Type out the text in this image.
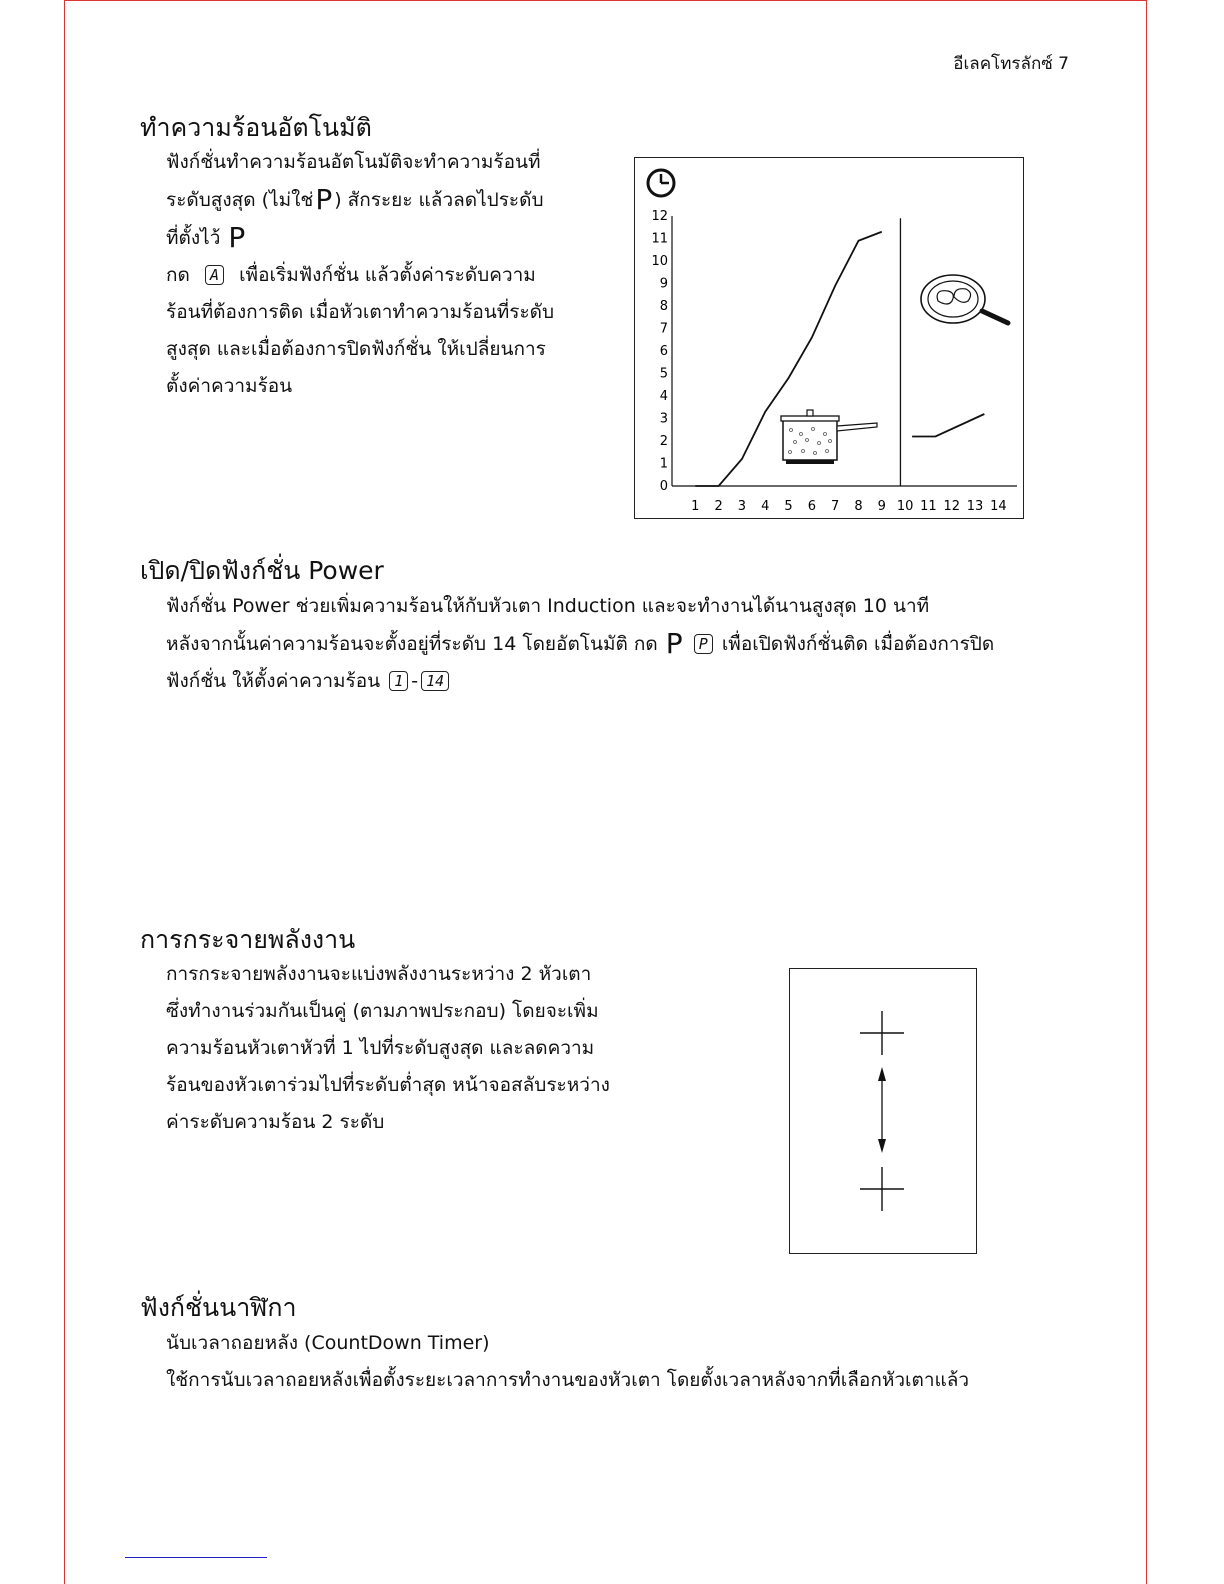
อีเลคโทรลักซ์ 7
ทำความร้อนอัตโนมัติ

ฟังก์ชั่นทำความร้อนอัตโนมัติจะทำความร้อนที่

ระดับสูงสุด (ไม่ใช่P ) สักระยะ แล้วลดไประดับ

ที่ตั้งไว้ P

กด A เพื่อเริ่มฟังก์ชั่น แล้วตั้งค่าระดับความ

ร้อนที่ต้องการติด เมื่อหัวเตาทำความร้อนที่ระดับ

สูงสุด และเมื่อต้องการปิดฟังก์ชั่น ให้เปลี่ยนการ

ตั้งค่าความร้อน

0
1
2
3
4
5
6
7
8
9
10
11
12
1 2 3 4 5 6 7 8 9 10 11 12 13 14
เปิด/ปิดฟังก์ชั่น Power

ฟังก์ชั่น Power ช่วยเพิ่มความร้อนให้กับหัวเตา Induction และจะทำงานได้นานสูงสุด 10 นาที

หลังจากนั้นค่าความร้อนจะตั้งอยู่ที่ระดับ 14 โดยอัตโนมัติ กด P P เพื่อเปิดฟังก์ชั่นติด เมื่อต้องการปิด

ฟังก์ชั่น ให้ตั้งค่าความร้อน 1 - 14

การกระจายพลังงาน

การกระจายพลังงานจะแบ่งพลังงานระหว่าง 2 หัวเตา

ซึ่งทำงานร่วมกันเป็นคู่ (ตามภาพประกอบ) โดยจะเพิ่ม

ความร้อนหัวเตาหัวที่ 1 ไปที่ระดับสูงสุด และลดความ

ร้อนของหัวเตาร่วมไปที่ระดับต่ำสุด หน้าจอสลับระหว่าง

ค่าระดับความร้อน 2 ระดับ

ฟังก์ชั่นนาฬิกา

นับเวลาถอยหลัง (CountDown Timer)

ใช้การนับเวลาถอยหลังเพื่อตั้งระยะเวลาการทำงานของหัวเตา โดยตั้งเวลาหลังจากที่เลือกหัวเตาแล้ว
